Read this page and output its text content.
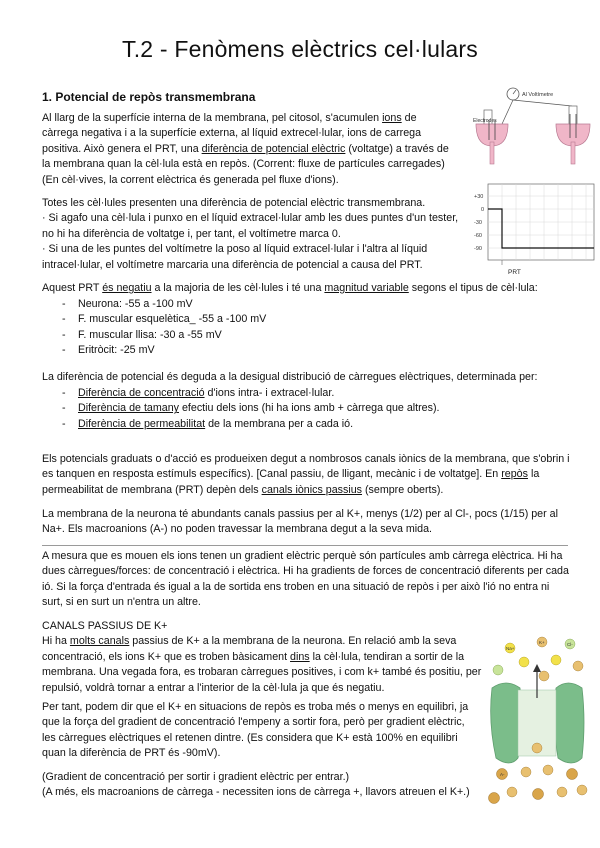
T.2 - Fenòmens elèctrics cel·lulars
1. Potencial de repòs transmembrana

Al llarg de la superfície interna de la membrana, pel citosol, s'acumulen ions de càrrega negativa i a la superfície externa, al líquid extrecel·lular, ions de carrega positiva. Això genera el PRT, una diferència de potencial elèctric (voltatge) a través de la membrana quan la cèl·lula està en repòs. (Corrent: fluxe de partícules carregades) (En cèl·vives, la corrent elèctrica és generada pel fluxe d'ions).

Totes les cèl·lules presenten una diferència de potencial elèctric transmembrana.
· Si agafo una cèl·lula i punxo en el líquid extracel·lular amb les dues puntes d'un tester, no hi ha diferència de voltatge i, per tant, el voltímetre marca 0.
· Si una de les puntes del voltímetre la poso al líquid extracel·lular i l'altra al líquid intracel·lular, el voltímetre marcaria una diferència de potencial a causa del PRT.

Aquest PRT és negatiu a la majoria de les cèl·lules i té una magnitud variable segons el tipus de cèl·lula:

- Neurona: -55 a -100 mV
- F. muscular esquelètica_ -55 a -100 mV
- F. muscular llisa: -30 a -55 mV
- Eritròcit: -25 mV

La diferència de potencial és deguda a la desigual distribució de càrregues elèctriques, determinada per:

- Diferència de concentració d'ions intra- i extracel·lular.
- Diferència de tamany efectiu dels ions (hi ha ions amb + càrrega que altres).
- Diferència de permeabilitat de la membrana per a cada ió.

Els potencials graduats o d'acció es produeixen degut a nombrosos canals iònics de la membrana, que s'obrin i es tanquen en resposta estímuls específics). [Canal passiu, de lligant, mecànic i de voltatge]. En repòs la permeabilitat de membrana (PRT) depèn dels canals iònics passius (sempre oberts).

La membrana de la neurona té abundants canals passius per al K+, menys (1/2) per al Cl-, pocs (1/15) per al Na+. Els macroanions (A-) no poden travessar la membrana degut a la seva mida.

A mesura que es mouen els ions tenen un gradient elèctric perquè són partícules amb càrrega elèctrica. Hi ha dues càrregues/forces: de concentració i elèctrica. Hi ha gradients de forces de concentració diferents per cada ió. Si la força d'entrada és igual a la de sortida ens troben en una situació de repòs i per això l'ió no entra ni surt, si en surt un n'entra un altre.

CANALS PASSIUS DE K+
Hi ha molts canals passius de K+ a la membrana de la neurona. En relació amb la seva concentració, els ions K+ que es troben bàsicament dins la cèl·lula, tendiran a sortir de la membrana. Una vegada fora, es trobaran càrregues positives, i com k+ també és positiu, per repulsió, voldrà tornar a entrar a l'interior de la cèl·lula ja que és negatiu.

Per tant, podem dir que el K+ en situacions de repòs es troba més o menys en equilibri, ja que la força del gradient de concentració l'empeny a sortir fora, però per gradient elèctric, les càrregues elèctriques el retenen dintre. (Es considera que K+ està 100% en equilibri quan la diferència de PRT és -90mV).

(Gradient de concentració per sortir i gradient elèctric per entrar.)
(A més, els macroanions de càrrega - necessiten ions de càrrega +, llavors atreuen el K+.)

Al Voltímetre
Electrodes
+30
0
-30
-60
-90
PRT
Na+
K+	Cl-
A-
